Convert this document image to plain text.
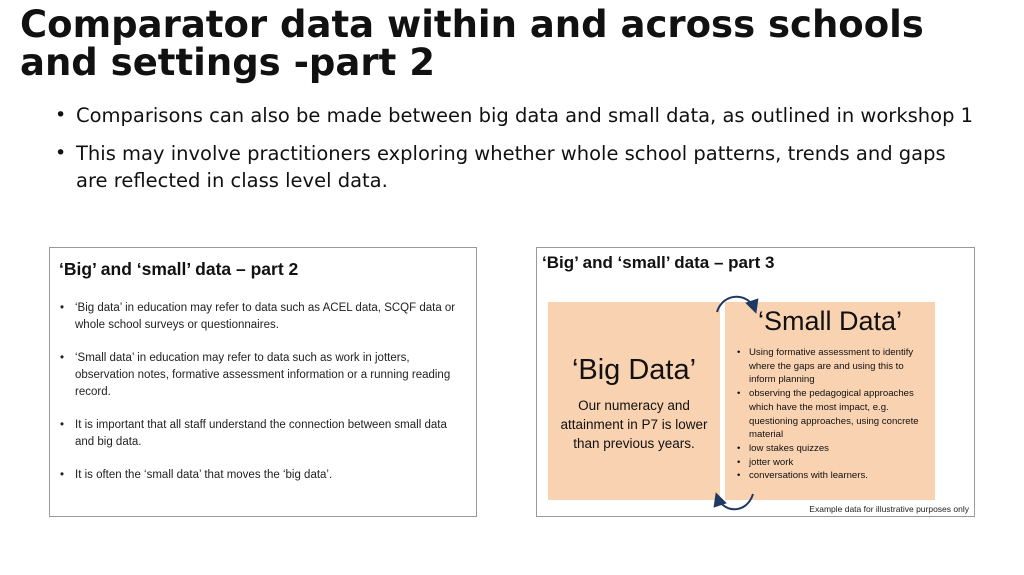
Comparator data within and across schools and settings -part 2
• Comparisons can also be made between big data and small data, as outlined in workshop 1
• This may involve practitioners exploring whether whole school patterns, trends and gaps are reflected in class level data.

‘Big’ and ‘small’ data – part 2

• ‘Big data’ in education may refer to data such as ACEL data, SCQF data or whole school surveys or questionnaires.
• ‘Small data’ in education may refer to data such as work in jotters, observation notes, formative assessment information or a running reading record.
• It is important that all staff understand the connection between small data and big data.
• It is often the ‘small data’ that moves the ‘big data’.

‘Big’ and ‘small’ data – part 3

‘Big Data’

Our numeracy and attainment in P7 is lower than previous years.

‘Small Data’

• Using formative assessment to identify where the gaps are and using this to inform planning
• observing the pedagogical approaches which have the most impact, e.g. questioning approaches, using concrete material
• low stakes quizzes
• jotter work
• conversations with learners.

Example data for illustrative purposes only
